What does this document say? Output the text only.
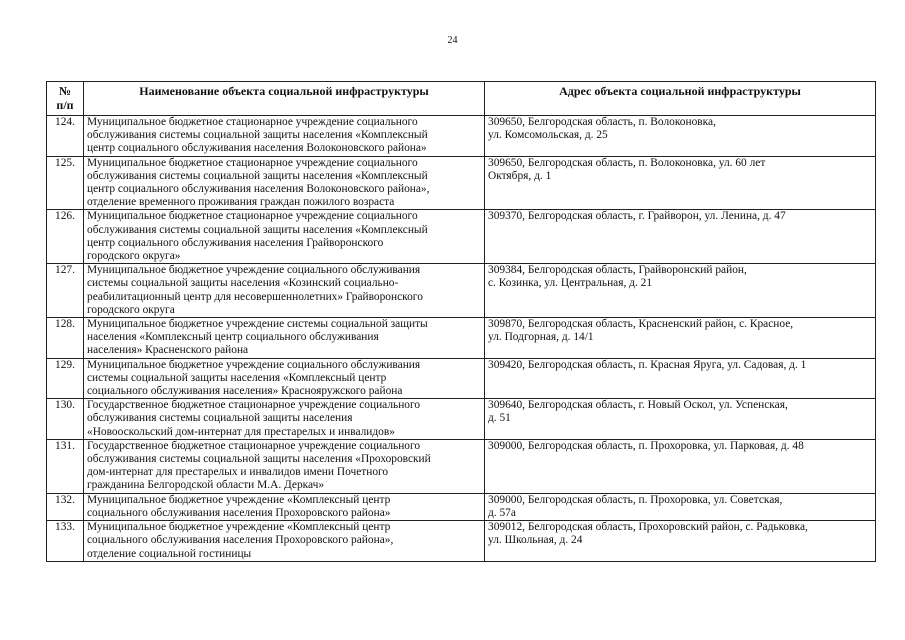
24
№
п/п	Наименование объекта социальной инфраструктуры	Адрес объекта социальной инфраструктуры
124.	Муниципальное бюджетное стационарное учреждение социального
обслуживания системы социальной защиты населения «Комплексный
центр социального обслуживания населения Волоконовского района»	309650, Белгородская область, п. Волоконовка,
ул. Комсомольская, д. 25

125.	Муниципальное бюджетное стационарное учреждение социального
обслуживания системы социальной защиты населения «Комплексный
центр социального обслуживания населения Волоконовского района»,
отделение временного проживания граждан пожилого возраста	309650, Белгородская область, п. Волоконовка, ул. 60 лет
Октября, д. 1

126.	Муниципальное бюджетное стационарное учреждение социального
обслуживания системы социальной защиты населения «Комплексный
центр социального обслуживания населения Грайворонского
городского округа»	309370, Белгородская область, г. Грайворон, ул. Ленина, д. 47

127.	Муниципальное бюджетное учреждение социального обслуживания
системы социальной защиты населения «Козинский социально-
реабилитационный центр для несовершеннолетних» Грайворонского
городского округа	309384, Белгородская область, Грайворонский район,
с. Козинка, ул. Центральная, д. 21

128.	Муниципальное бюджетное учреждение системы социальной защиты
населения «Комплексный центр социального обслуживания
населения» Красненского района	309870, Белгородская область, Красненский район, с. Красное,
ул. Подгорная, д. 14/1

129.	Муниципальное бюджетное учреждение социального обслуживания
системы социальной защиты населения «Комплексный центр
социального обслуживания населения» Краснояружского района	309420, Белгородская область, п. Красная Яруга, ул. Садовая, д. 1

130.	Государственное бюджетное стационарное учреждение социального
обслуживания системы социальной защиты населения
«Новооскольский дом-интернат для престарелых и инвалидов»	309640, Белгородская область, г. Новый Оскол, ул. Успенская,
д. 51

131.	Государственное бюджетное стационарное учреждение социального
обслуживания системы социальной защиты населения «Прохоровский
дом-интернат для престарелых и инвалидов имени Почетного
гражданина Белгородской области М.А. Деркач»	309000, Белгородская область, п. Прохоровка, ул. Парковая, д. 48

132.	Муниципальное бюджетное учреждение «Комплексный центр
социального обслуживания населения Прохоровского района»	309000, Белгородская область, п. Прохоровка, ул. Советская,
д. 57а

133.	Муниципальное бюджетное учреждение «Комплексный центр
социального обслуживания населения Прохоровского района»,
отделение социальной гостиницы	309012, Белгородская область, Прохоровский район, с. Радьковка,
ул. Школьная, д. 24
